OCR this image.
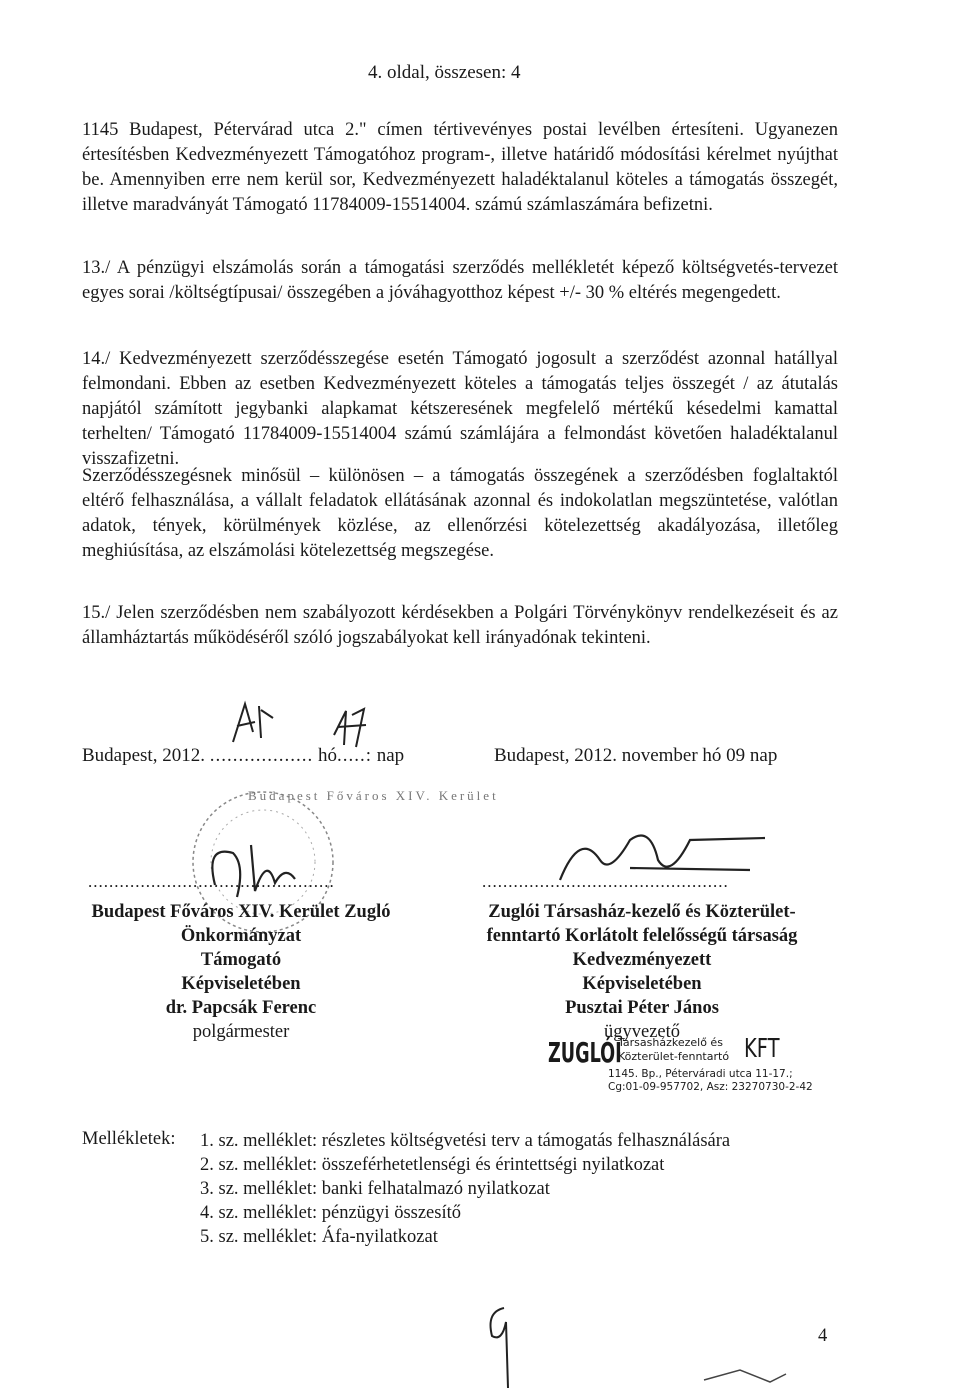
4. oldal, összesen: 4

1145 Budapest, Pétervárad utca 2." címen tértivevényes postai levélben értesíteni. Ugyanezen értesítésben Kedvezményezett Támogatóhoz program-, illetve határidő módosítási kérelmet nyújthat be. Amennyiben erre nem kerül sor, Kedvezményezett haladéktalanul köteles a támogatás összegét, illetve maradványát Támogató 11784009-15514004. számú számlaszámára befizetni.

13./ A pénzügyi elszámolás során a támogatási szerződés mellékletét képező költségvetés-tervezet egyes sorai /költségtípusai/ összegében a jóváhagyotthoz képest +/- 30 % eltérés megengedett.

14./ Kedvezményezett szerződésszegése esetén Támogató jogosult a szerződést azonnal hatállyal felmondani. Ebben az esetben Kedvezményezett köteles a támogatás teljes összegét / az átutalás napjától számított jegybanki alapkamat kétszeresének megfelelő mértékű késedelmi kamattal terhelten/ Támogató 11784009-15514004 számú számlájára a felmondást követően haladéktalanul visszafizetni.

Szerződésszegésnek minősül – különösen – a támogatás összegének a szerződésben foglaltaktól eltérő felhasználása, a vállalt feladatok ellátásának azonnal és indokolatlan megszüntetése, valótlan adatok, tények, körülmények közlése, az ellenőrzési kötelezettség akadályozása, illetőleg meghiúsítása, az elszámolási kötelezettség megszegése.

15./ Jelen szerződésben nem szabályozott kérdésekben a Polgári Törvénykönyv rendelkezéseit és az államháztartás működéséről szóló jogszabályokat kell irányadónak tekinteni.

Budapest, 2012. .................. hó.....: nap	Budapest, 2012. november hó 09 nap
Budapest Főváros XIV. Kerület
...............................................	...............................................
Budapest Főváros XIV. Kerület Zugló
Önkormányzat
Támogató
Képviseletében
dr. Papcsák Ferenc
polgármester
Zuglói Társasház-kezelő és Közterület-
fenntartó Korlátolt felelősségű társaság
Kedvezményezett
Képviseletében
Pusztai Péter János
ügyvezető
ZUGLÓI
Társasházkezelő és
Közterület-fenntartó KFT
1145. Bp., Péterváradi utca 11-17.;
Cg:01-09-957702, Asz: 23270730-2-42
Mellékletek: 1. sz. melléklet: részletes költségvetési terv a támogatás felhasználására
2. sz. melléklet: összeférhetetlenségi és érintettségi nyilatkozat
3. sz. melléklet: banki felhatalmazó nyilatkozat
4. sz. melléklet: pénzügyi összesítő
5. sz. melléklet: Áfa-nyilatkozat
4
